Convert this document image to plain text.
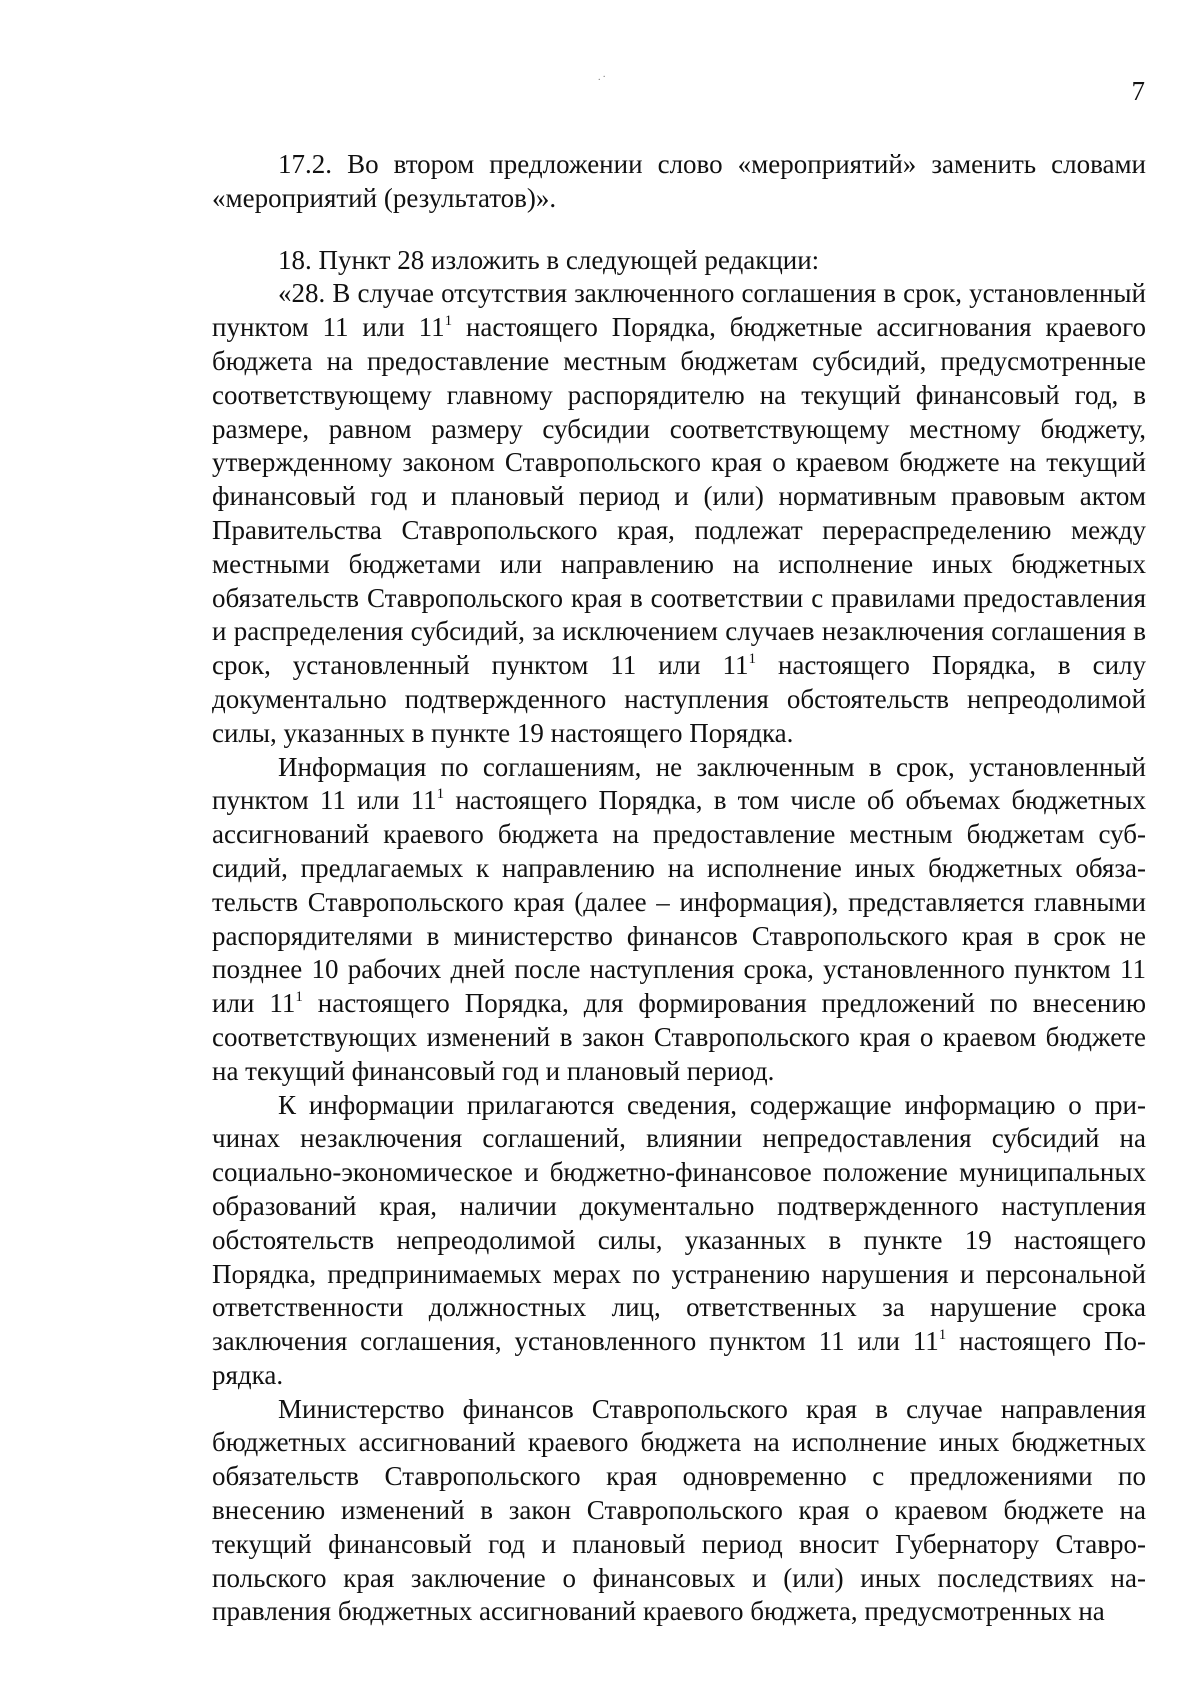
.·	7

17.2. Во втором предложении слово «мероприятий» заменить словами «мероприятий (результатов)».

18. Пункт 28 изложить в следующей редакции:

«28. В случае отсутствия заключенного соглашения в срок, установленный пунктом 11 или $11^1$ настоящего Порядка, бюджетные ассигнования краевого бюджета на предоставление местным бюджетам субсидий, предусмотренные соответствующему главному распорядителю на текущий финансовый год, в размере, равном размеру субсидии соответствующему местному бюджету, утвержденному законом Ставропольского края о краевом бюджете на текущий финансовый год и плановый период и (или) нормативным правовым актом Правительства Ставропольского края, подлежат перераспределению между местными бюджетами или направлению на исполнение иных бюджетных обязательств Ставропольского края в соответствии с правилами предоставления и распределения субсидий, за исключением случаев незаключения соглашения в срок, установленный пунктом 11 или $11^1$ настоящего Порядка, в силу документально подтвержденного наступления обстоятельств непреодолимой силы, указанных в пункте 19 настоящего Порядка.

Информация по соглашениям, не заключенным в срок, установленный пунктом 11 или $11^1$ настоящего Порядка, в том числе об объемах бюджетных ассигнований краевого бюджета на предоставление местным бюджетам субсидий, предлагаемых к направлению на исполнение иных бюджетных обязательств Ставропольского края (далее – информация), представляется главными распорядителями в министерство финансов Ставропольского края в срок не позднее 10 рабочих дней после наступления срока, установленного пунктом 11 или $11^1$ настоящего Порядка, для формирования предложений по внесению соответствующих изменений в закон Ставропольского края о краевом бюджете на текущий финансовый год и плановый период.

К информации прилагаются сведения, содержащие информацию о причинах незаключения соглашений, влиянии непредоставления субсидий на социально-экономическое и бюджетно-финансовое положение муниципальных образований края, наличии документально подтвержденного наступления обстоятельств непреодолимой силы, указанных в пункте 19 настоящего Порядка, предпринимаемых мерах по устранению нарушения и персональной ответственности должностных лиц, ответственных за нарушение срока заключения соглашения, установленного пунктом 11 или $11^1$ настоящего Порядка.

Министерство финансов Ставропольского края в случае направления бюджетных ассигнований краевого бюджета на исполнение иных бюджетных обязательств Ставропольского края одновременно с предложениями по внесению изменений в закон Ставропольского края о краевом бюджете на текущий финансовый год и плановый период вносит Губернатору Ставропольского края заключение о финансовых и (или) иных последствиях направления бюджетных ассигнований краевого бюджета, предусмотренных на
